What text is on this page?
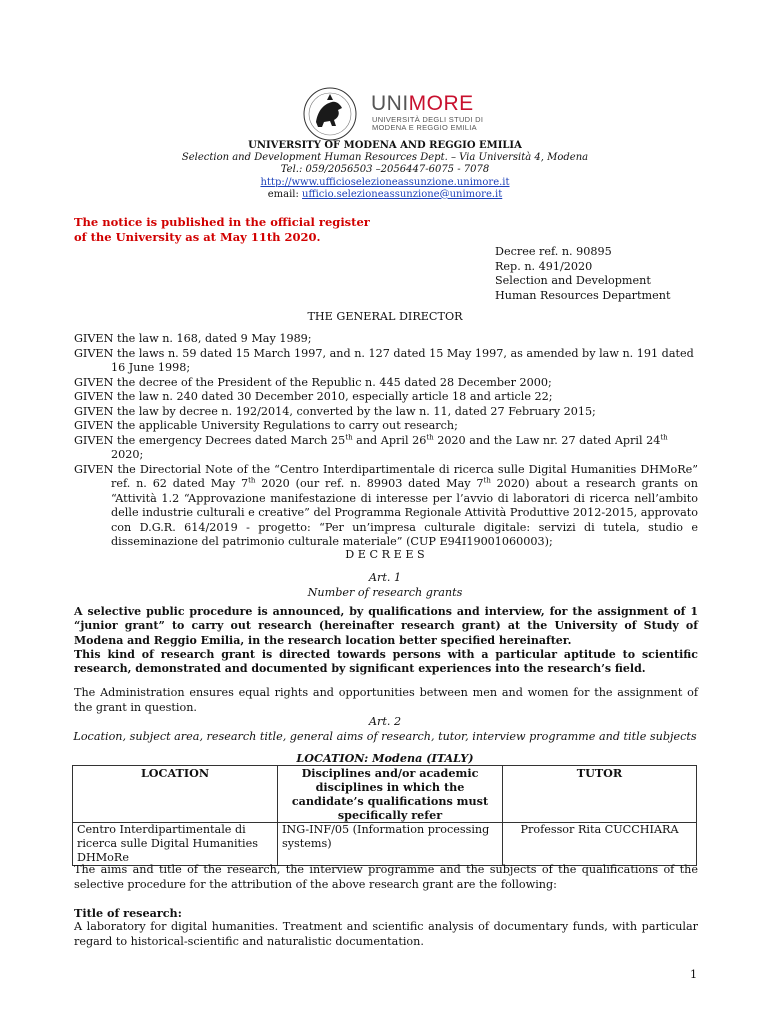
UNIMORE
UNIVERSITÀ DEGLI STUDI DI
MODENA E REGGIO EMILIA
UNIVERSITY OF MODENA AND REGGIO EMILIA
Selection and Development Human Resources Dept. – Via Università 4, Modena
Tel.: 059/2056503 –2056447-6075 - 7078
http://www.ufficioselezioneassunzione.unimore.it
email: ufficio.selezioneassunzione@unimore.it
The notice is published in the official register
of the University as at May 11th 2020.
Decree ref. n. 90895
Rep. n. 491/2020
Selection and Development
Human Resources Department
THE GENERAL DIRECTOR

GIVEN the law n. 168, dated 9 May 1989;

GIVEN the laws n. 59 dated 15 March 1997, and n. 127 dated 15 May 1997, as amended by law n. 191 dated 16 June 1998;

GIVEN the decree of the President of the Republic n. 445 dated 28 December 2000;

GIVEN the law n. 240 dated 30 December 2010, especially article 18 and article 22;

GIVEN the law by decree n. 192/2014, converted by the law n. 11, dated 27 February 2015;

GIVEN the applicable University Regulations to carry out research;

GIVEN the emergency Decrees dated March 25th and April 26th 2020 and the Law nr. 27 dated April 24th 2020;

GIVEN the Directorial Note of the “Centro Interdipartimentale di ricerca sulle Digital Humanities DHMoRe” ref. n. 62 dated May 7th 2020 (our ref. n. 89903 dated May 7th 2020) about a research grants on “Attività 1.2 “Approvazione manifestazione di interesse per l’avvio di laboratori di ricerca nell’ambito delle industrie culturali e creative” del Programma Regionale Attività Produttive 2012-2015, approvato con D.G.R. 614/2019 - progetto: “Per un’impresa culturale digitale: servizi di tutela, studio e disseminazione del patrimonio culturale materiale” (CUP E94I19001060003);

D E C R E E S
Art. 1
Number of research grants
A selective public procedure is announced, by qualifications and interview, for the assignment of 1 “junior grant” to carry out research (hereinafter research grant) at the University of Study of Modena and Reggio Emilia, in the research location better specified hereinafter.
This kind of research grant is directed towards persons with a particular aptitude to scientific research, demonstrated and documented by significant experiences into the research’s field.
The Administration ensures equal rights and opportunities between men and women for the assignment of the grant in question.
Art. 2
Location, subject area, research title, general aims of research, tutor, interview programme and title subjects
LOCATION: Modena (ITALY)
LOCATION	Disciplines and/or academic disciplines in which the candidate’s qualifications must specifically refer	TUTOR
Centro Interdipartimentale di ricerca sulle Digital Humanities DHMoRe	ING-INF/05 (Information processing systems)	Professor Rita CUCCHIARA
The aims and title of the research, the interview programme and the subjects of the qualifications of the selective procedure for the attribution of the above research grant are the following:
Title of research:
A laboratory for digital humanities. Treatment and scientific analysis of documentary funds, with particular regard to historical-scientific and naturalistic documentation.
1
